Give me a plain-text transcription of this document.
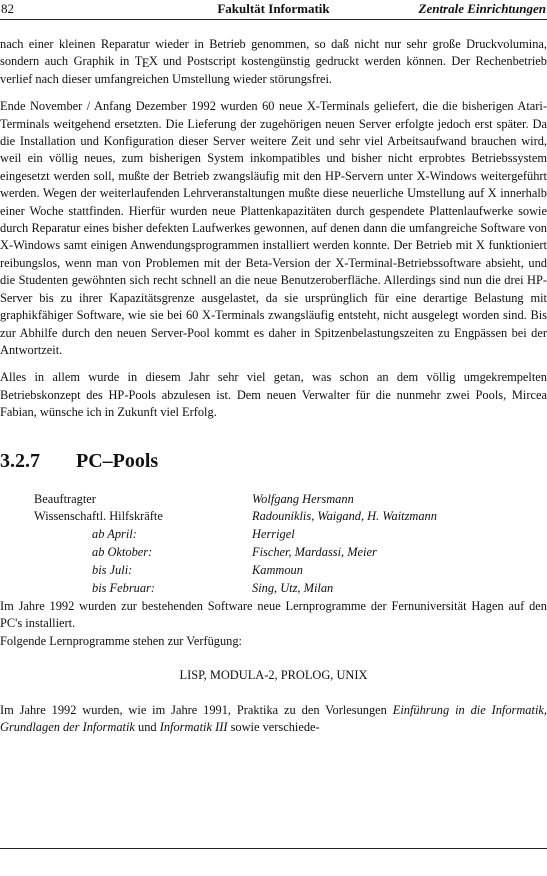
82	Fakultät Informatik	Zentrale Einrichtungen

nach einer kleinen Reparatur wieder in Betrieb genommen, so daß nicht nur sehr große Druckvolumina, sondern auch Graphik in $T_EX$ und Postscript kostengünstig gedruckt werden können. Der Rechenbetrieb verlief nach dieser umfangreichen Umstellung wieder störungsfrei.

Ende November / Anfang Dezember 1992 wurden 60 neue X-Terminals geliefert, die die bisherigen Atari-Terminals weitgehend ersetzten. Die Lieferung der zugehörigen neuen Server erfolgte jedoch erst später. Da die Installation und Konfiguration dieser Server weitere Zeit und sehr viel Arbeitsaufwand brauchen wird, weil ein völlig neues, zum bisherigen System inkompatibles und bisher nicht erprobtes Betriebssystem eingesetzt werden soll, mußte der Betrieb zwangsläufig mit den HP-Servern unter X-Windows weitergeführt werden. Wegen der weiterlaufenden Lehrveranstaltungen mußte diese neuerliche Umstellung auf X innerhalb einer Woche stattfinden. Hierfür wurden neue Plattenkapazitäten durch gespendete Plattenlaufwerke sowie durch Reparatur eines bisher defekten Laufwerkes gewonnen, auf denen dann die umfangreiche Software von X-Windows samt einigen Anwendungsprogrammen installiert werden konnte. Der Betrieb mit X funktioniert reibungslos, wenn man von Problemen mit der Beta-Version der X-Terminal-Betriebssoftware absieht, und die Studenten gewöhnten sich recht schnell an die neue Benutzeroberfläche. Allerdings sind nun die drei HP-Server bis zu ihrer Kapazitätsgrenze ausgelastet, da sie ursprünglich für eine derartige Belastung mit graphikfähiger Software, wie sie bei 60 X-Terminals zwangsläufig entsteht, nicht ausgelegt worden sind. Bis zur Abhilfe durch den neuen Server-Pool kommt es daher in Spitzenbelastungszeiten zu Engpässen bei der Antwortzeit.

Alles in allem wurde in diesem Jahr sehr viel getan, was schon an dem völlig umgekrempelten Betriebskonzept des HP-Pools abzulesen ist. Dem neuen Verwalter für die nunmehr zwei Pools, Mircea Fabian, wünsche ich in Zukunft viel Erfolg.

3.2.7 PC–Pools
Beauftragter	Wolfgang Hersmann
Wissenschaftl. Hilfskräfte	Radouniklis, Waigand, H. Waitzmann
ab April:	Herrigel
ab Oktober:	Fischer, Mardassi, Meier
bis Juli:	Kammoun
bis Februar:	Sing, Utz, Milan

Im Jahre 1992 wurden zur bestehenden Software neue Lernprogramme der Fernuniversität Hagen auf den PC's installiert.

Folgende Lernprogramme stehen zur Verfügung:

LISP, MODULA-2, PROLOG, UNIX

Im Jahre 1992 wurden, wie im Jahre 1991, Praktika zu den Vorlesungen Einführung in die Informatik, Grundlagen der Informatik und Informatik III sowie verschiede-
